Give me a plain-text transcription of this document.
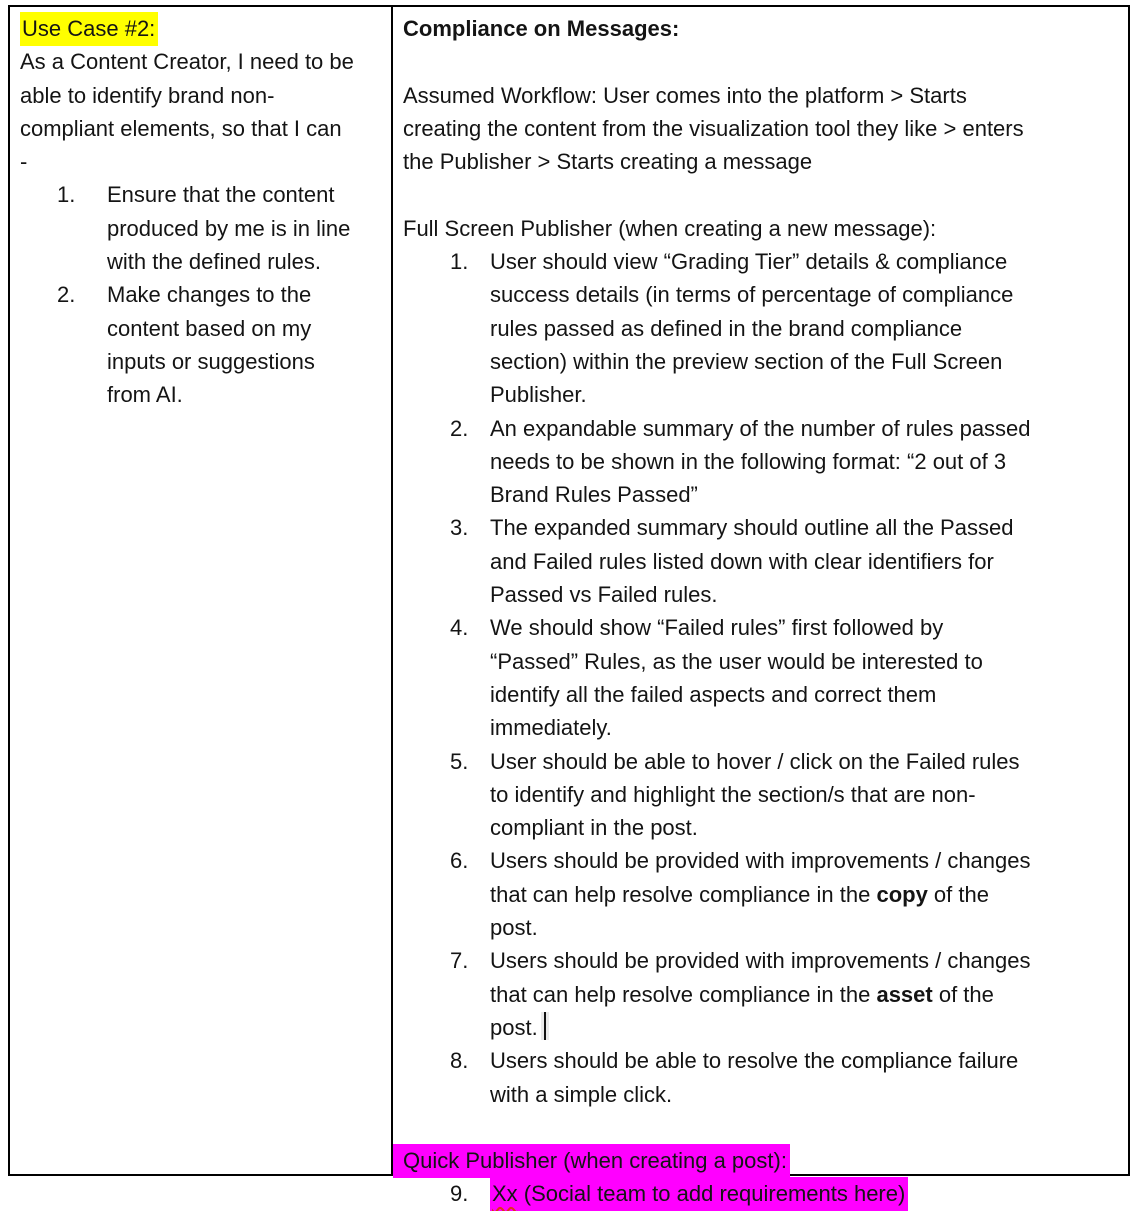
Use Case #2:

As a Content Creator, I need to be able to identify brand non-compliant elements, so that I can

-

1.	Ensure that the content produced by me is in line with the defined rules.
2.	Make changes to the content based on my inputs or suggestions from AI.

Compliance on Messages:

Assumed Workflow: User comes into the platform > Starts creating the content from the visualization tool they like > enters the Publisher > Starts creating a message

Full Screen Publisher (when creating a new message):

1. User should view “Grading Tier” details & compliance success details (in terms of percentage of compliance rules passed as defined in the brand compliance section) within the preview section of the Full Screen Publisher.
2. An expandable summary of the number of rules passed needs to be shown in the following format: “2 out of 3 Brand Rules Passed”
3. The expanded summary should outline all the Passed and Failed rules listed down with clear identifiers for Passed vs Failed rules.
4. We should show “Failed rules” first followed by “Passed” Rules, as the user would be interested to identify all the failed aspects and correct them immediately.
5. User should be able to hover / click on the Failed rules to identify and highlight the section/s that are non-compliant in the post.
6. Users should be provided with improvements / changes that can help resolve compliance in the copy of the post.
7. Users should be provided with improvements / changes that can help resolve compliance in the asset of the post.
8. Users should be able to resolve the compliance failure with a simple click.

Quick Publisher (when creating a post):

9.	Xx (Social team to add requirements here)
